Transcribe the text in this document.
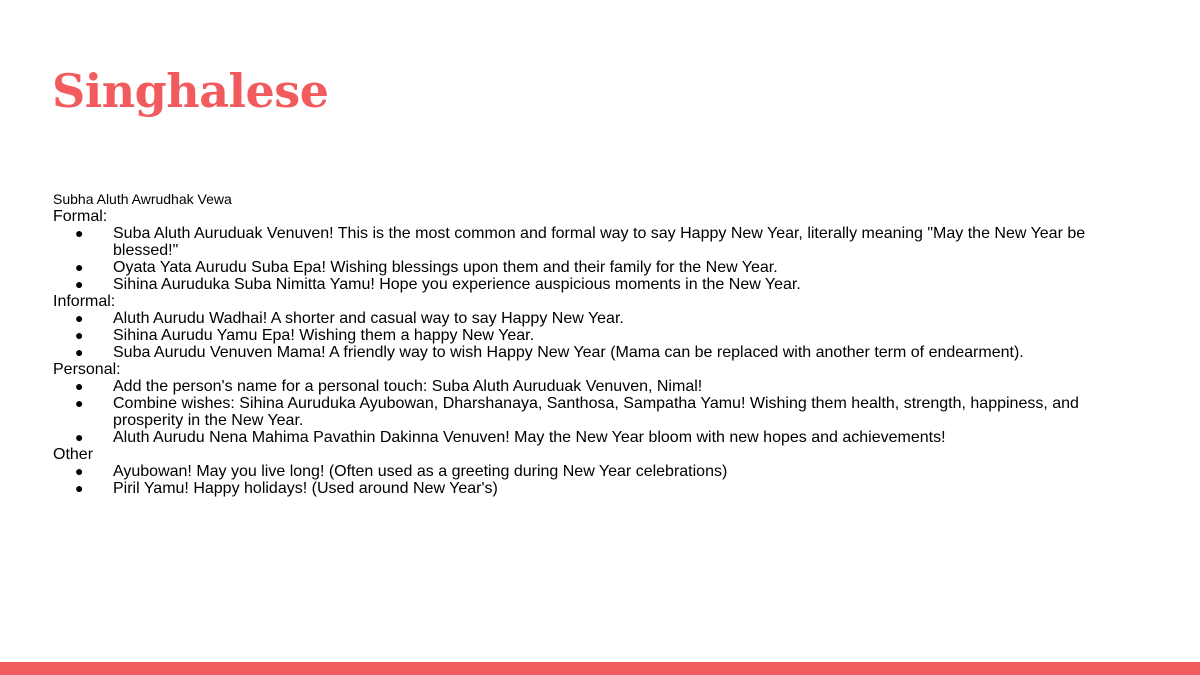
Singhalese

Subha Aluth Awrudhak Vewa

Formal:

● Suba Aluth Auruduak Venuven! This is the most common and formal way to say Happy New Year, literally meaning "May the New Year be blessed!"
● Oyata Yata Aurudu Suba Epa! Wishing blessings upon them and their family for the New Year.
● Sihina Auruduka Suba Nimitta Yamu! Hope you experience auspicious moments in the New Year.

Informal:

● Aluth Aurudu Wadhai! A shorter and casual way to say Happy New Year.
● Sihina Aurudu Yamu Epa! Wishing them a happy New Year.
● Suba Aurudu Venuven Mama! A friendly way to wish Happy New Year (Mama can be replaced with another term of endearment).

Personal:

● Add the person's name for a personal touch: Suba Aluth Auruduak Venuven, Nimal!
● Combine wishes: Sihina Auruduka Ayubowan, Dharshanaya, Santhosa, Sampatha Yamu! Wishing them health, strength, happiness, and prosperity in the New Year.
● Aluth Aurudu Nena Mahima Pavathin Dakinna Venuven! May the New Year bloom with new hopes and achievements!

Other

● Ayubowan! May you live long! (Often used as a greeting during New Year celebrations)
● Piril Yamu! Happy holidays! (Used around New Year's)
